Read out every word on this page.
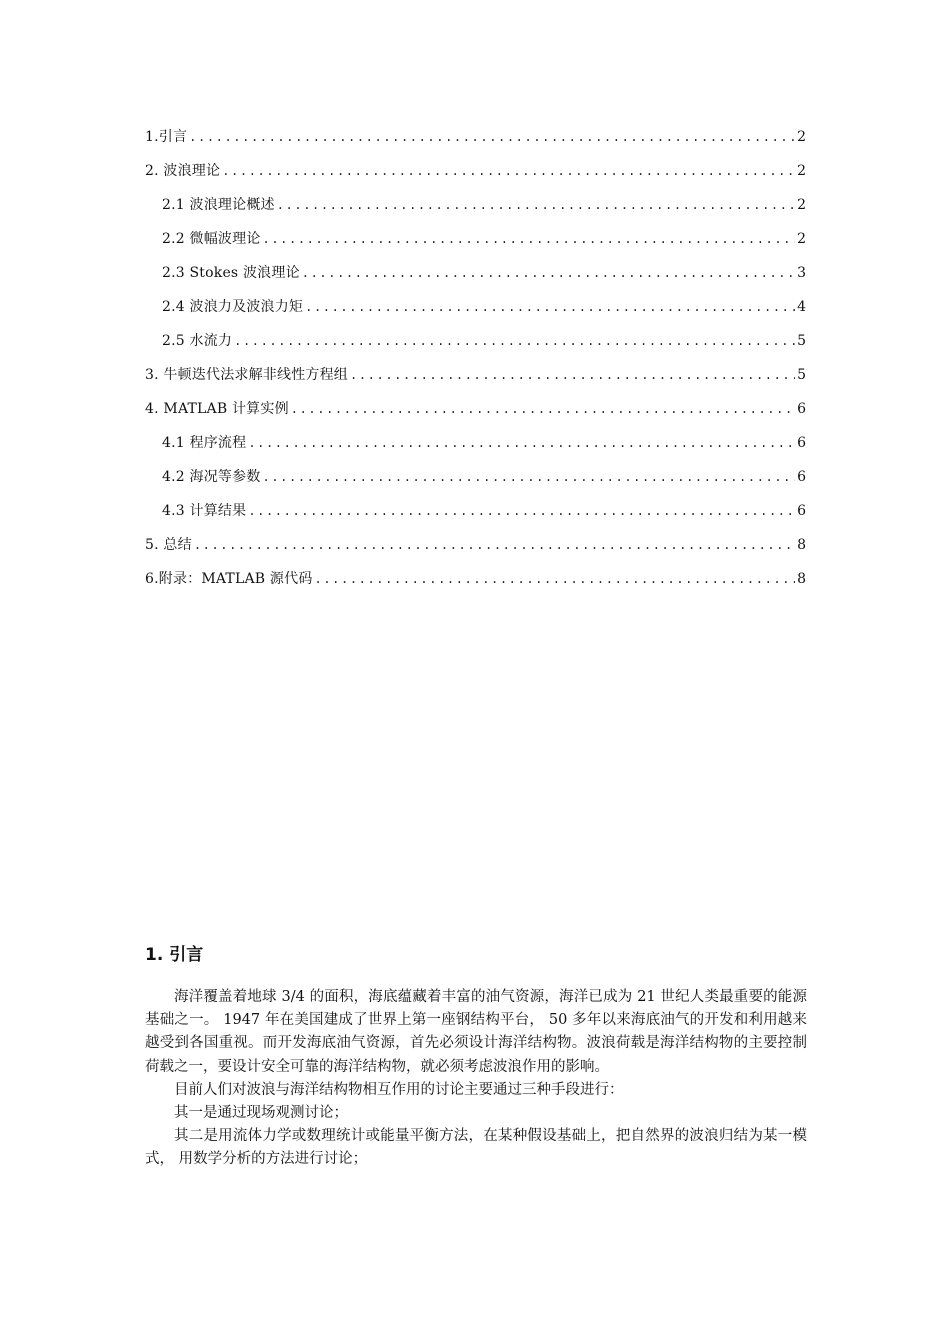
1.引言 .....	2
2. 波浪理论 .....	2
2.1 波浪理论概述 .....	2
2.2 微幅波理论 .....	2
2.3 Stokes 波浪理论 .....	3
2.4 波浪力及波浪力矩 .....	4
2.5 水流力 .....	5
3. 牛顿迭代法求解非线性方程组 .....	5
4. MATLAB 计算实例 .....	6
4.1 程序流程 .....	6
4.2 海况等参数 .....	6
4.3 计算结果 .....	6
5. 总结 .....	8
6.附录：MATLAB 源代码 .....	8
1. 引言

海洋覆盖着地球 3/4 的面积，海底蕴藏着丰富的油气资源，海洋已成为 21 世纪人类最重要的能源基础之一。 1947 年在美国建成了世界上第一座钢结构平台， 50 多年以来海底油气的开发和利用越来越受到各国重视。而开发海底油气资源，首先必须设计海洋结构物。波浪荷载是海洋结构物的主要控制荷载之一，要设计安全可靠的海洋结构物，就必须考虑波浪作用的影响。

目前人们对波浪与海洋结构物相互作用的讨论主要通过三种手段进行：

其一是通过现场观测讨论；

其二是用流体力学或数理统计或能量平衡方法，在某种假设基础上，把自然界的波浪归结为某一模式， 用数学分析的方法进行讨论；
